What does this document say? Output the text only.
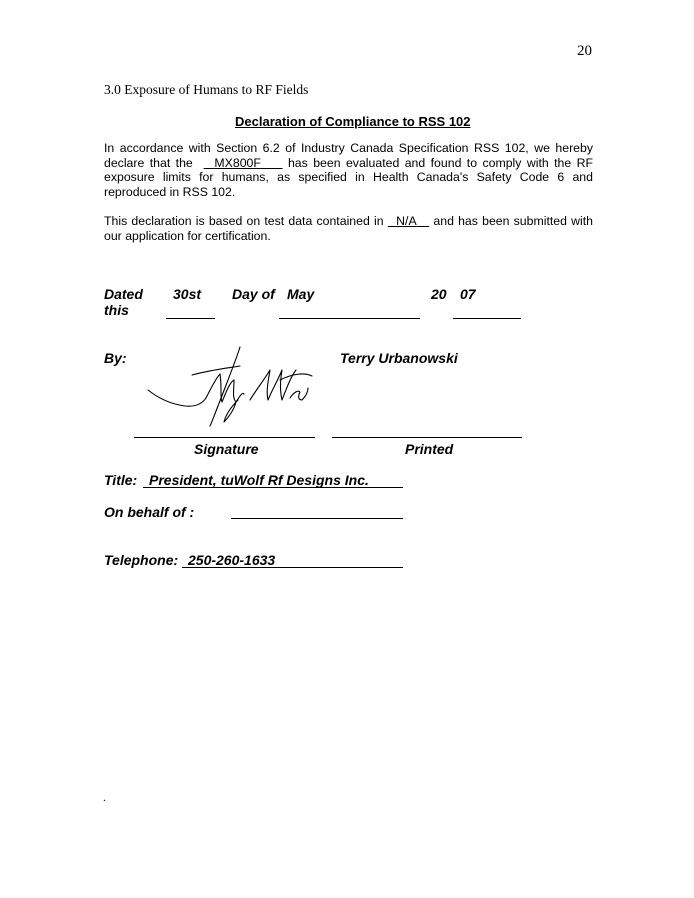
20
3.0 Exposure of Humans to RF Fields
Declaration of Compliance to RSS 102
In accordance with Section 6.2 of Industry Canada Specification RSS 102, we hereby declare that the MX800F has been evaluated and found to comply with the RF exposure limits for humans, as specified in Health Canada's Safety Code 6 and reproduced in RSS 102.
This declaration is based on test data contained in N/A and has been submitted with our application for certification.
Dated
this
30st Day of May	20 07
By:	Terry Urbanowski
Signature	Printed
Title: President, tuWolf Rf Designs Inc.
On behalf of :
Telephone: 250-260-1633
.
